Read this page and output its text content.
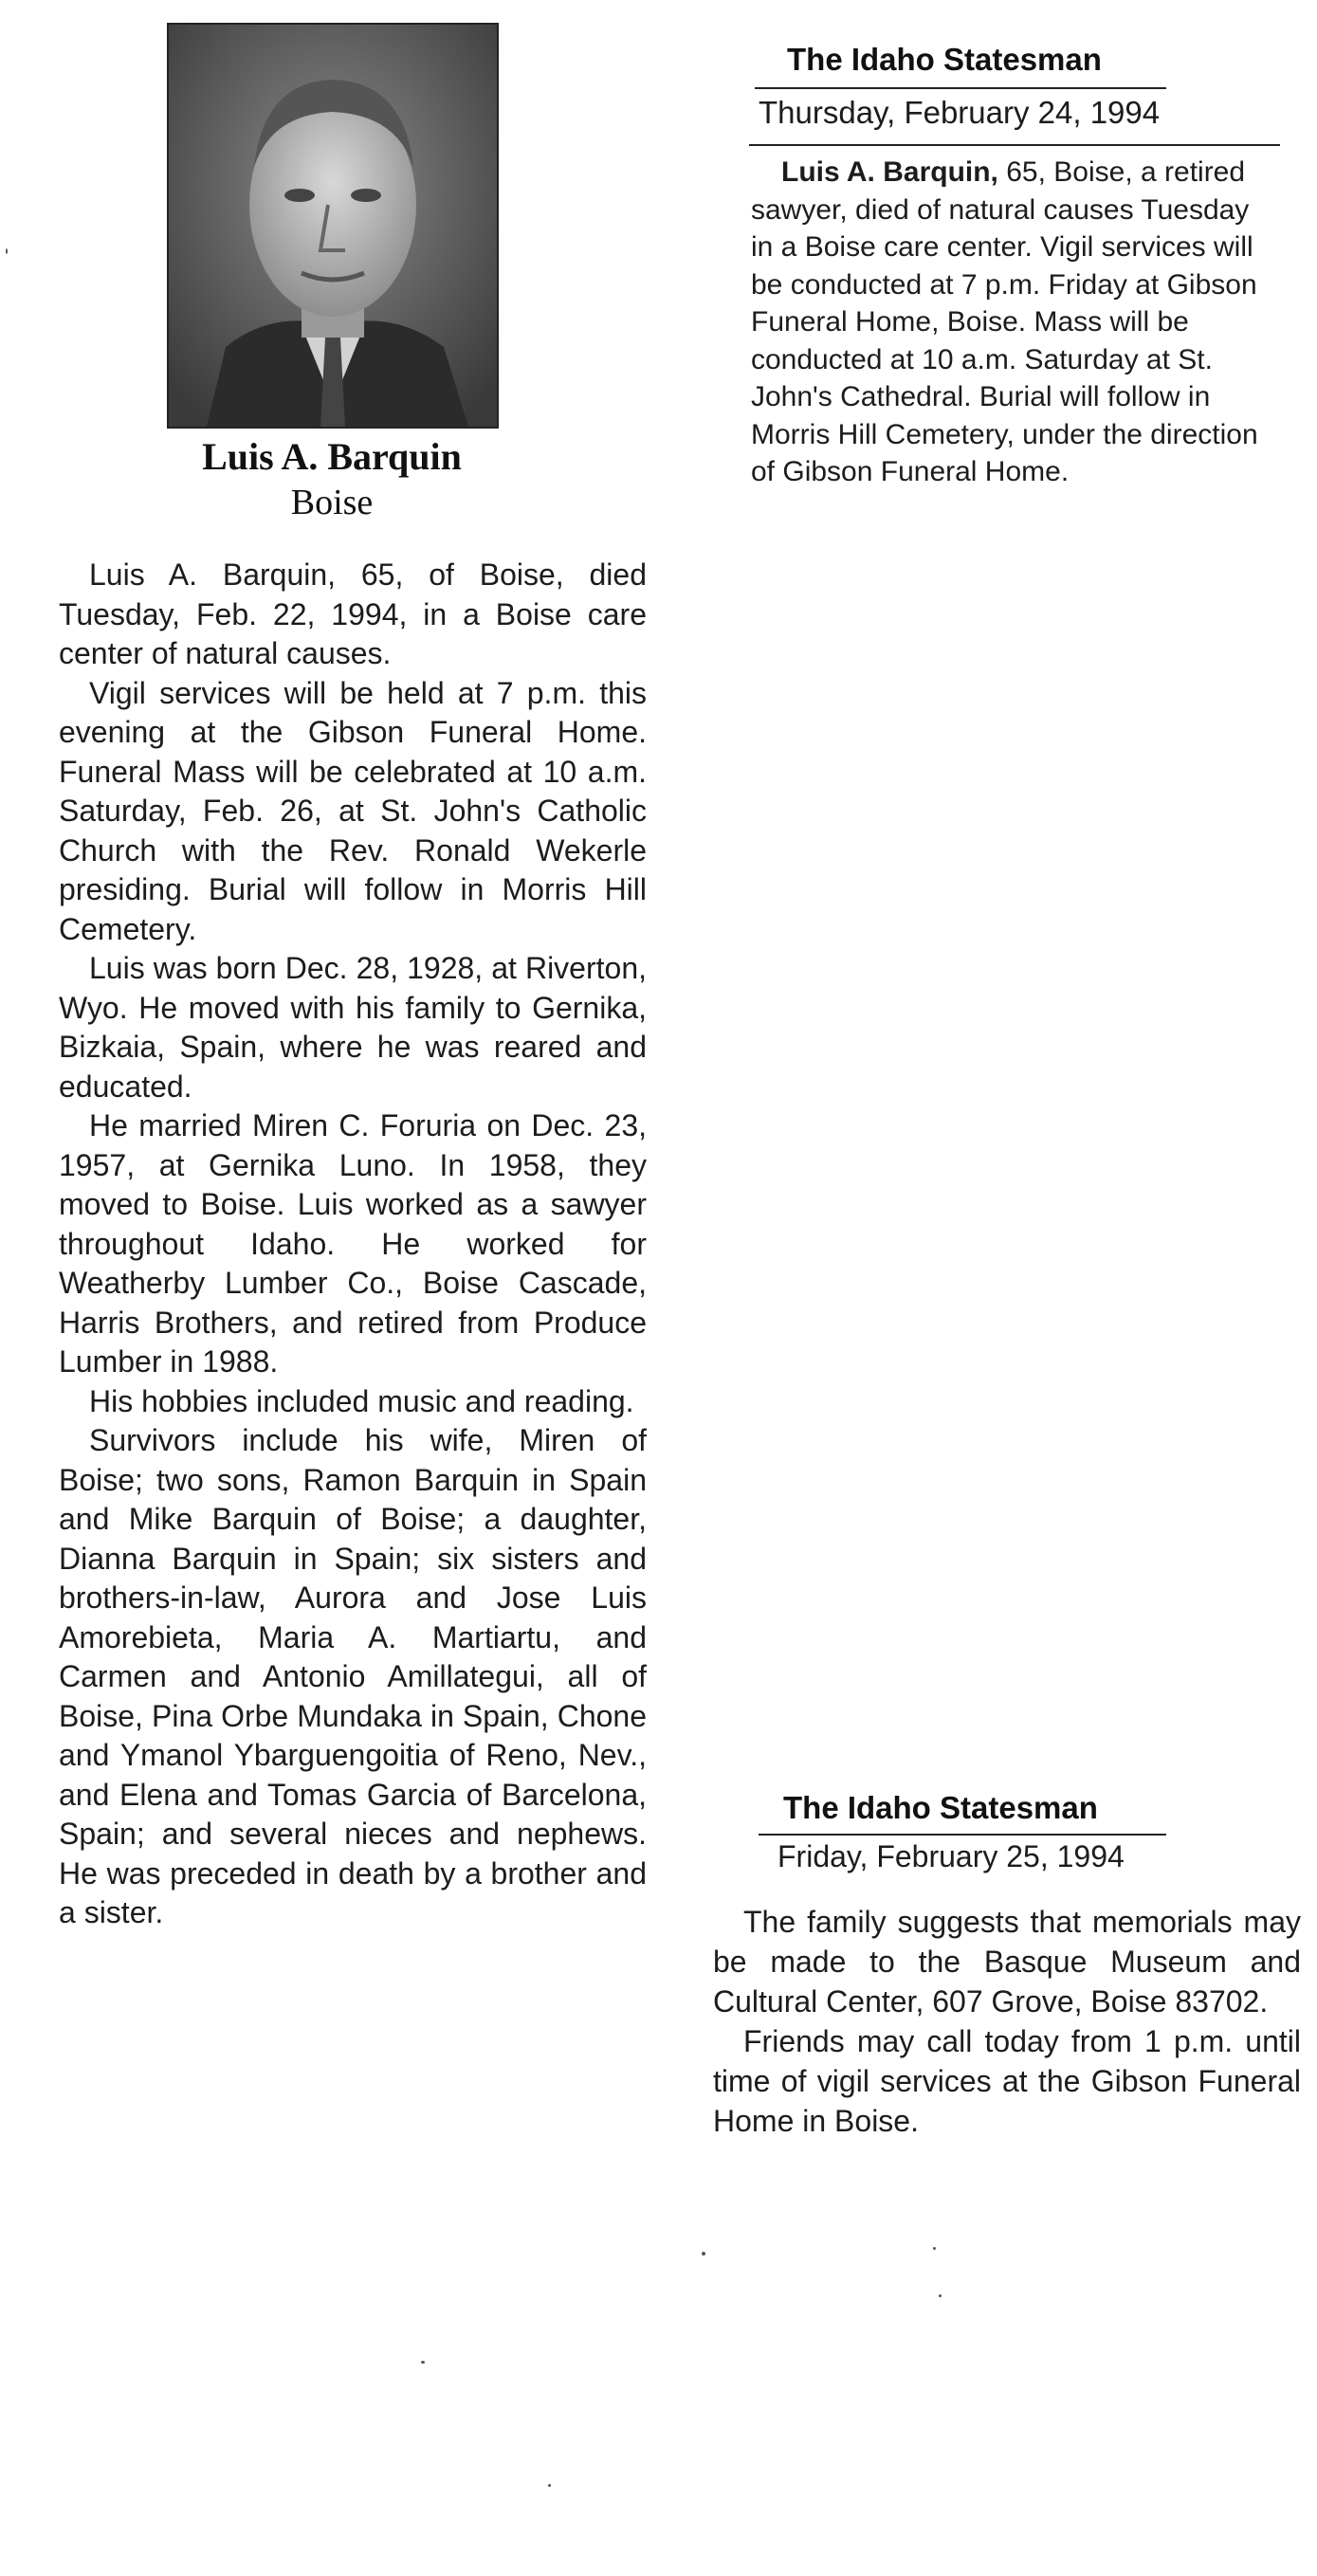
Luis A. Barquin
Boise

Luis A. Barquin, 65, of Boise, died Tuesday, Feb. 22, 1994, in a Boise care center of natural causes.

Vigil services will be held at 7 p.m. this evening at the Gibson Funeral Home. Funeral Mass will be celebrated at 10 a.m. Saturday, Feb. 26, at St. John's Catholic Church with the Rev. Ronald Wekerle presiding. Burial will follow in Morris Hill Cemetery.

Luis was born Dec. 28, 1928, at Riverton, Wyo. He moved with his family to Gernika, Bizkaia, Spain, where he was reared and educated.

He married Miren C. Foruria on Dec. 23, 1957, at Gernika Luno. In 1958, they moved to Boise. Luis worked as a sawyer throughout Idaho. He worked for Weatherby Lumber Co., Boise Cascade, Harris Brothers, and retired from Produce Lumber in 1988.

His hobbies included music and reading.

Survivors include his wife, Miren of Boise; two sons, Ramon Barquin in Spain and Mike Barquin of Boise; a daughter, Dianna Barquin in Spain; six sisters and brothers-in-law, Aurora and Jose Luis Amorebieta, Maria A. Martiartu, and Carmen and Antonio Amillategui, all of Boise, Pina Orbe Mundaka in Spain, Chone and Ymanol Ybarguengoitia of Reno, Nev., and Elena and Tomas Garcia of Barcelona, Spain; and several nieces and nephews. He was preceded in death by a brother and a sister.

The Idaho Statesman
Thursday, February 24, 1994
Luis A. Barquin, 65, Boise, a retired sawyer, died of natural causes Tuesday in a Boise care center. Vigil services will be conducted at 7 p.m. Friday at Gibson Funeral Home, Boise. Mass will be conducted at 10 a.m. Saturday at St. John's Cathedral. Burial will follow in Morris Hill Cemetery, under the direction of Gibson Funeral Home.
The Idaho Statesman
Friday, February 25, 1994

The family suggests that memorials may be made to the Basque Museum and Cultural Center, 607 Grove, Boise 83702.

Friends may call today from 1 p.m. until time of vigil services at the Gibson Funeral Home in Boise.
